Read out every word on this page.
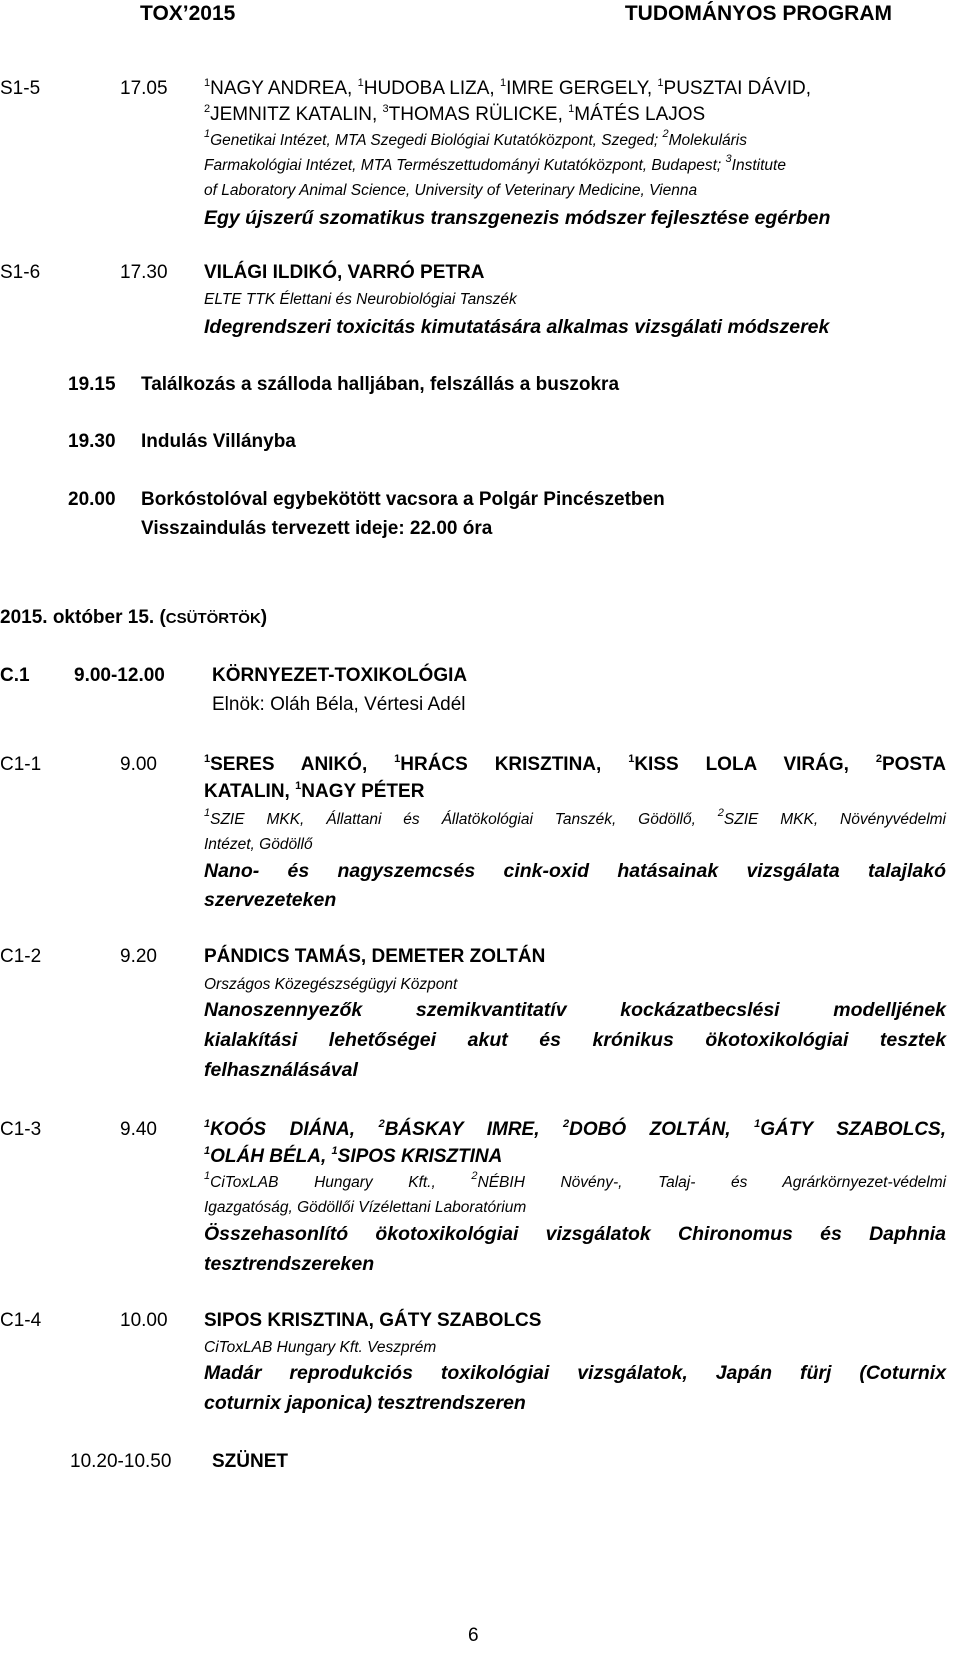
TOX’2015	TUDOMÁNYOS PROGRAM
S1-5	17.05	$^1$NAGY ANDREA, $^1$HUDOBA LIZA, $^1$IMRE GERGELY, $^1$PUSZTAI DÁVID,
$^2$JEMNITZ KATALIN, $^3$THOMAS RÜLICKE, $^1$MÁTÉS LAJOS
$^1$Genetikai Intézet, MTA Szegedi Biológiai Kutatóközpont, Szeged; $^2$Molekuláris
Farmakológiai Intézet, MTA Természettudományi Kutatóközpont, Budapest; $^3$Institute
of Laboratory Animal Science, University of Veterinary Medicine, Vienna
Egy újszerű szomatikus transzgenezis módszer fejlesztése egérben
S1-6	17.30 VILÁGI ILDIKÓ, VARRÓ PETRA
ELTE TTK Élettani és Neurobiológiai Tanszék
Idegrendszeri toxicitás kimutatására alkalmas vizsgálati módszerek
19.15 Találkozás a szálloda halljában, felszállás a buszokra
19.30 Indulás Villányba
20.00 Borkóstolóval egybekötött vacsora a Polgár Pincészetben
Visszaindulás tervezett ideje: 22.00 óra
2015. október 15. (CSÜTÖRTÖK)
C.1 9.00-12.00 KÖRNYEZET-TOXIKOLÓGIA
Elnök: Oláh Béla, Vértesi Adél
C1-1	9.00	$^1$SERES ANIKÓ, $^1$HRÁCS KRISZTINA, $^1$KISS LOLA VIRÁG, $^2$POSTA
KATALIN, $^1$NAGY PÉTER
$^1$SZIE MKK, Állattani és Állatökológiai Tanszék, Gödöllő, $^2$SZIE MKK, Növényvédelmi
Intézet, Gödöllő
Nano- és nagyszemcsés cink-oxid hatásainak vizsgálata talajlakó
szervezeteken
C1-2	9.20 PÁNDICS TAMÁS, DEMETER ZOLTÁN
Országos Közegészségügyi Központ
Nanoszennyezők	szemikvantitatív	kockázatbecslési	modelljének
kialakítási lehetőségei akut és krónikus ökotoxikológiai tesztek
felhasználásával
C1-3	9.40	$^1$KOÓS DIÁNA, $^2$BÁSKAY IMRE, $^2$DOBÓ ZOLTÁN, $^1$GÁTY SZABOLCS,
$^1$OLÁH BÉLA, $^1$SIPOS KRISZTINA
$^1$CiToxLAB Hungary Kft.,	$^2$NÉBIH Növény-, Talaj- és Agrárkörnyezet-védelmi
Igazgatóság, Gödöllői Vízélettani Laboratórium
Összehasonlító ökotoxikológiai vizsgálatok Chironomus és Daphnia
tesztrendszereken
C1-4	10.00 SIPOS KRISZTINA, GÁTY SZABOLCS
CiToxLAB Hungary Kft. Veszprém
Madár reprodukciós toxikológiai vizsgálatok, Japán fürj (Coturnix
coturnix japonica) tesztrendszeren
10.20-10.50 SZÜNET
6
